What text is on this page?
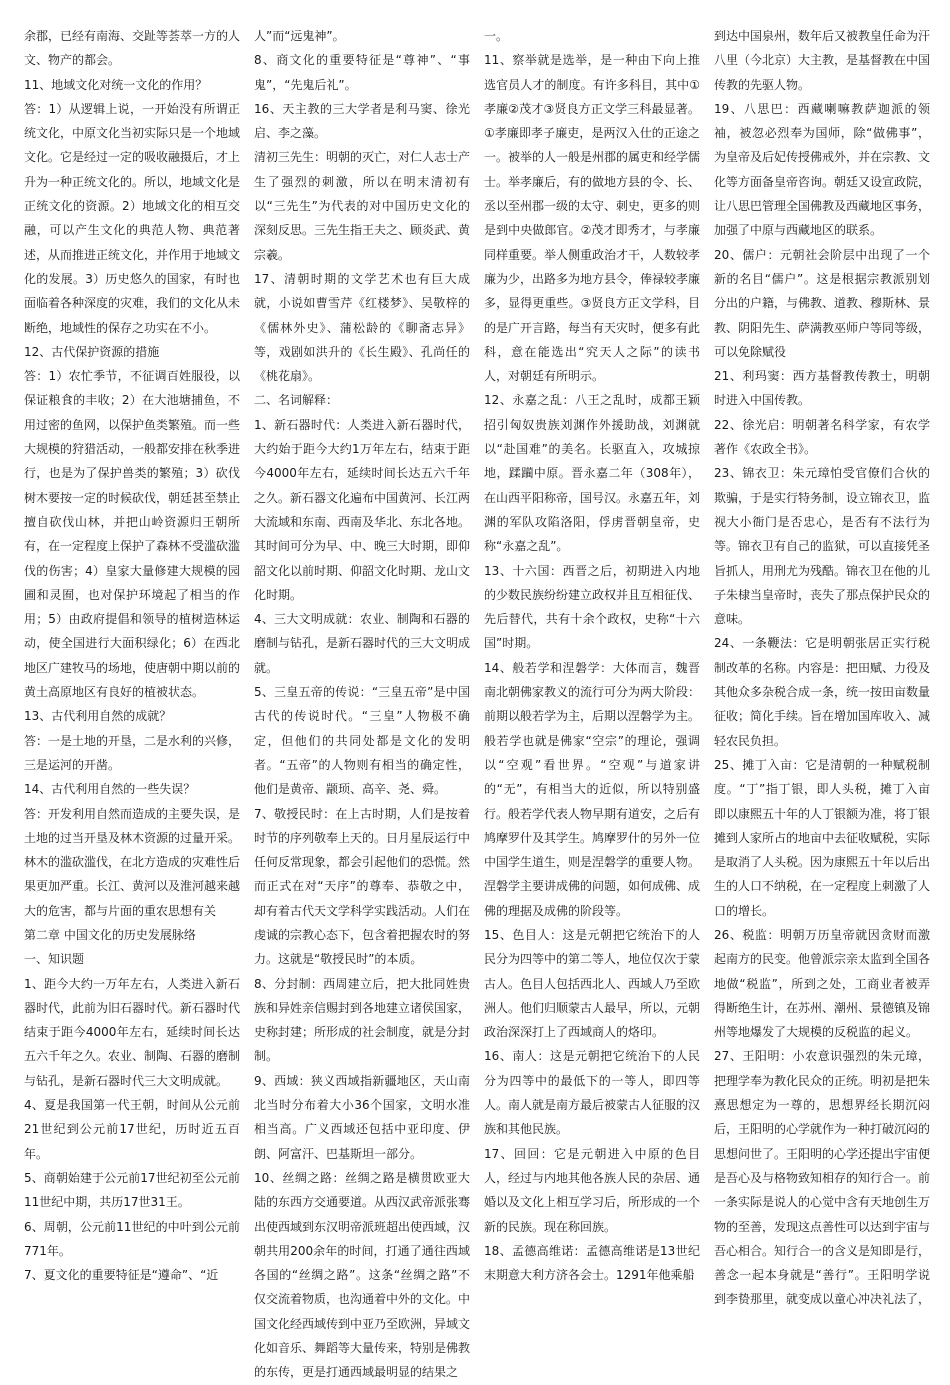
余郡，已经有南海、交趾等荟萃一方的人文、物产的都会。

11、地域文化对统一文化的作用？

答：1）从逻辑上说，一开始没有所谓正统文化，中原文化当初实际只是一个地域文化。它是经过一定的吸收融摄后，才上升为一种正统文化的。所以，地域文化是正统文化的资源。2）地域文化的相互交融，可以产生文化的典范人物、典范著述，从而推进正统文化，并作用于地域文化的发展。3）历史悠久的国家，有时也面临着各种深度的灾难，我们的文化从未断绝，地域性的保存之功实在不小。

12、古代保护资源的措施

答：1）农忙季节，不征调百姓服役，以保证粮食的丰收；2）在大池塘捕鱼，不用过密的鱼网，以保护鱼类繁殖。而一些大规模的狩猎活动，一般都安排在秋季进行，也是为了保护兽类的繁殖；3）砍伐树木要按一定的时候砍伐，朝廷甚至禁止擅自砍伐山林，并把山岭资源归王朝所有，在一定程度上保护了森林不受滥砍滥伐的伤害；4）皇家大量修建大规模的园圃和灵囿，也对保护环境起了相当的作用；5）由政府提倡和领导的植树造林运动，使全国进行大面积绿化；6）在西北地区广建牧马的场地，使唐朝中期以前的黄土高原地区有良好的植被状态。

13、古代利用自然的成就？

答：一是土地的开垦，二是水利的兴修，三是运河的开凿。

14、古代利用自然的一些失误？

答：开发利用自然而造成的主要失误，是土地的过当开垦及林木资源的过量开采。林木的滥砍滥伐，在北方造成的灾难性后果更加严重。长江、黄河以及淮河越来越大的危害，都与片面的重农思想有关

第二章 中国文化的历史发展脉络

一、知识题

1、距今大约一万年左右，人类进入新石器时代，此前为旧石器时代。新石器时代结束于距今4000年左右，延续时间长达五六千年之久。农业、制陶、石器的磨制与钻孔，是新石器时代三大文明成就。

4、夏是我国第一代王朝，时间从公元前21世纪到公元前17世纪，历时近五百年。

5、商朝始建于公元前17世纪初至公元前11世纪中期，共历17世31王。

6、周朝，公元前11世纪的中叶到公元前771年。

7、夏文化的重要特征是“遵命”、“近

人”而“远鬼神”。

8、商文化的重要特征是“尊神”、“事鬼”，“先鬼后礼”。

16、天主教的三大学者是利马窦、徐光启、李之藻。

清初三先生：明朝的灭亡，对仁人志士产生了强烈的刺激，所以在明末清初有以“三先生”为代表的对中国历史文化的深刻反思。三先生指王夫之、顾炎武、黄宗羲。

17、清朝时期的文学艺术也有巨大成就，小说如曹雪芹《红楼梦》、吴敬梓的《儒林外史》、蒲松龄的《聊斋志异》等，戏剧如洪升的《长生殿》、孔尚任的《桃花扇》。

二、名词解释：

1、新石器时代：人类进入新石器时代，大约始于距今大约1万年左右，结束于距今4000年左右，延续时间长达五六千年之久。新石器文化遍布中国黄河、长江两大流域和东南、西南及华北、东北各地。其时间可分为早、中、晚三大时期，即仰韶文化以前时期、仰韶文化时期、龙山文化时期。

4、三大文明成就：农业、制陶和石器的磨制与钻孔，是新石器时代的三大文明成就。

5、三皇五帝的传说：“三皇五帝”是中国古代的传说时代。“三皇”人物极不确定，但他们的共同处都是文化的发明者。“五帝”的人物则有相当的确定性，他们是黄帝、颛顼、高辛、尧、舜。

7、敬授民时：在上古时期，人们是按着时节的序列敬奉上天的。日月星辰运行中任何反常现象，都会引起他们的恐慌。然而正式在对“天序”的尊奉、恭敬之中，却有着古代天文学科学实践活动。人们在虔诚的宗教心态下，包含着把握农时的努力。这就是“敬授民时”的本质。

8、分封制：西周建立后，把大批同姓贵族和异姓亲信赐封到各地建立诸侯国家，史称封建；所形成的社会制度，就是分封制。

9、西域：狭义西域指新疆地区，天山南北当时分布着大小36个国家，文明水准相当高。广义西域还包括中亚印度、伊朗、阿富汗、巴基斯坦一部分。

10、丝绸之路：丝绸之路是横贯欧亚大陆的东西方交通要道。从西汉武帝派张骞出使西域到东汉明帝派班超出使西域，汉朝共用200余年的时间，打通了通往西域各国的“丝绸之路”。这条“丝绸之路”不仅交流着物质，也沟通着中外的文化。中国文化经西域传到中亚乃至欧洲，异域文化如音乐、舞蹈等大量传来，特别是佛教的东传，更是打通西域最明显的结果之

一。

11、察举就是选举，是一种由下向上推选官员人才的制度。有许多科目，其中①孝廉②茂才③贤良方正文学三科最显著。①孝廉即孝子廉吏，是两汉入仕的正途之一。被举的人一般是州郡的属吏和经学儒士。举孝廉后，有的做地方县的令、长、丞以至州郡一级的太守、刺史，更多的则是到中央做郎官。②茂才即秀才，与孝廉同样重要。举人侧重政治才干，人数较孝廉为少，出路多为地方县令，俸禄较孝廉多，显得更重些。③贤良方正文学科，目的是广开言路，每当有天灾时，便多有此科，意在能选出“究天人之际”的读书人，对朝廷有所明示。

12、永嘉之乱：八王之乱时，成都王颖招引匈奴贵族刘渊作外援助战，刘渊就以“赴国难”的美名。长驱直入，攻城掠地，蹂躏中原。晋永嘉二年（308年），在山西平阳称帝，国号汉。永嘉五年，刘渊的军队攻陷洛阳，俘虏晋朝皇帝，史称“永嘉之乱”。

13、十六国：西晋之后，初期进入内地的少数民族纷纷建立政权并且互相征伐、先后替代，共有十余个政权，史称“十六国”时期。

14、般若学和涅磐学：大体而言，魏晋南北朝佛家教义的流行可分为两大阶段：前期以般若学为主，后期以涅磐学为主。般若学也就是佛家“空宗”的理论，强调以“空观”看世界。“空观”与道家讲的“无”，有相当大的近似，所以特别盛行。般若学代表人物早期有道安，之后有鸠摩罗什及其学生。鸠摩罗什的另外一位中国学生道生，则是涅磐学的重要人物。涅磐学主要讲成佛的问题，如何成佛、成佛的理据及成佛的阶段等。

15、色目人：这是元朝把它统治下的人民分为四等中的第二等人，地位仅次于蒙古人。色目人包括西北人、西域人乃至欧洲人。他们归顺蒙古人最早，所以，元朝政治深深打上了西域商人的烙印。

16、南人：这是元朝把它统治下的人民分为四等中的最低下的一等人，即四等人。南人就是南方最后被蒙古人征服的汉族和其他民族。

17、回回：它是元朝进入中原的色目人，经过与内地其他各族人民的杂居、通婚以及文化上相互学习后，所形成的一个新的民族。现在称回族。

18、孟德高维诺：孟德高维诺是13世纪末期意大利方济各会士。1291年他乘船

到达中国泉州，数年后又被教皇任命为汗八里（今北京）大主教，是基督教在中国传教的先驱人物。

19、八思巴：西藏喇嘛教萨迦派的领袖，被忽必烈奉为国师，除“做佛事”，为皇帝及后妃传授佛戒外，并在宗教、文化等方面备皇帝咨询。朝廷又设宣政院，让八思巴管理全国佛教及西藏地区事务，加强了中原与西藏地区的联系。

20、儒户：元朝社会阶层中出现了一个新的名目“儒户”。这是根据宗教派别划分出的户籍，与佛教、道教、穆斯林、景教、阴阳先生、萨满教巫师户等同等级，可以免除赋役

21、利玛窦：西方基督教传教士，明朝时进入中国传教。

22、徐光启：明朝著名科学家，有农学著作《农政全书》。

23、锦衣卫：朱元璋怕受官僚们合伙的欺骗，于是实行特务制，设立锦衣卫，监视大小衙门是否忠心，是否有不法行为等。锦衣卫有自己的监狱，可以直接凭圣旨抓人，用刑尤为残酷。锦衣卫在他的儿子朱棣当皇帝时，丧失了那点保护民众的意味。

24、一条鞭法：它是明朝张居正实行税制改革的名称。内容是：把田赋、力役及其他众多杂税合成一条，统一按田亩数量征收；简化手续。旨在增加国库收入、减轻农民负担。

25、摊丁入亩：它是清朝的一种赋税制度。“丁”指丁银，即人头税，摊丁入亩即以康熙五十年的人丁银额为准，将丁银摊到人家所占的地亩中去征收赋税，实际是取消了人头税。因为康熙五十年以后出生的人口不纳税，在一定程度上刺激了人口的增长。

26、税监：明朝万历皇帝就因贪财而激起南方的民变。他曾派宗亲太监到全国各地做“税监”，所到之处，工商业者被弄得断绝生计，在苏州、潮州、景德镇及锦州等地爆发了大规模的反税监的起义。

27、王阳明：小农意识强烈的朱元璋，把理学奉为教化民众的正统。明初是把朱熹思想定为一尊的，思想界经长期沉闷后，王阳明的心学就作为一种打破沉闷的思想问世了。王阳明的心学还提出宇宙便是吾心及与格物致知相存的知行合一。前一条实际是说人的心觉中含有天地创生万物的至善，发现这点善性可以达到宇宙与吾心相合。知行合一的含义是知即是行，善念一起本身就是“善行”。王阳明学说到李贽那里，就变成以童心冲决礼法了，
